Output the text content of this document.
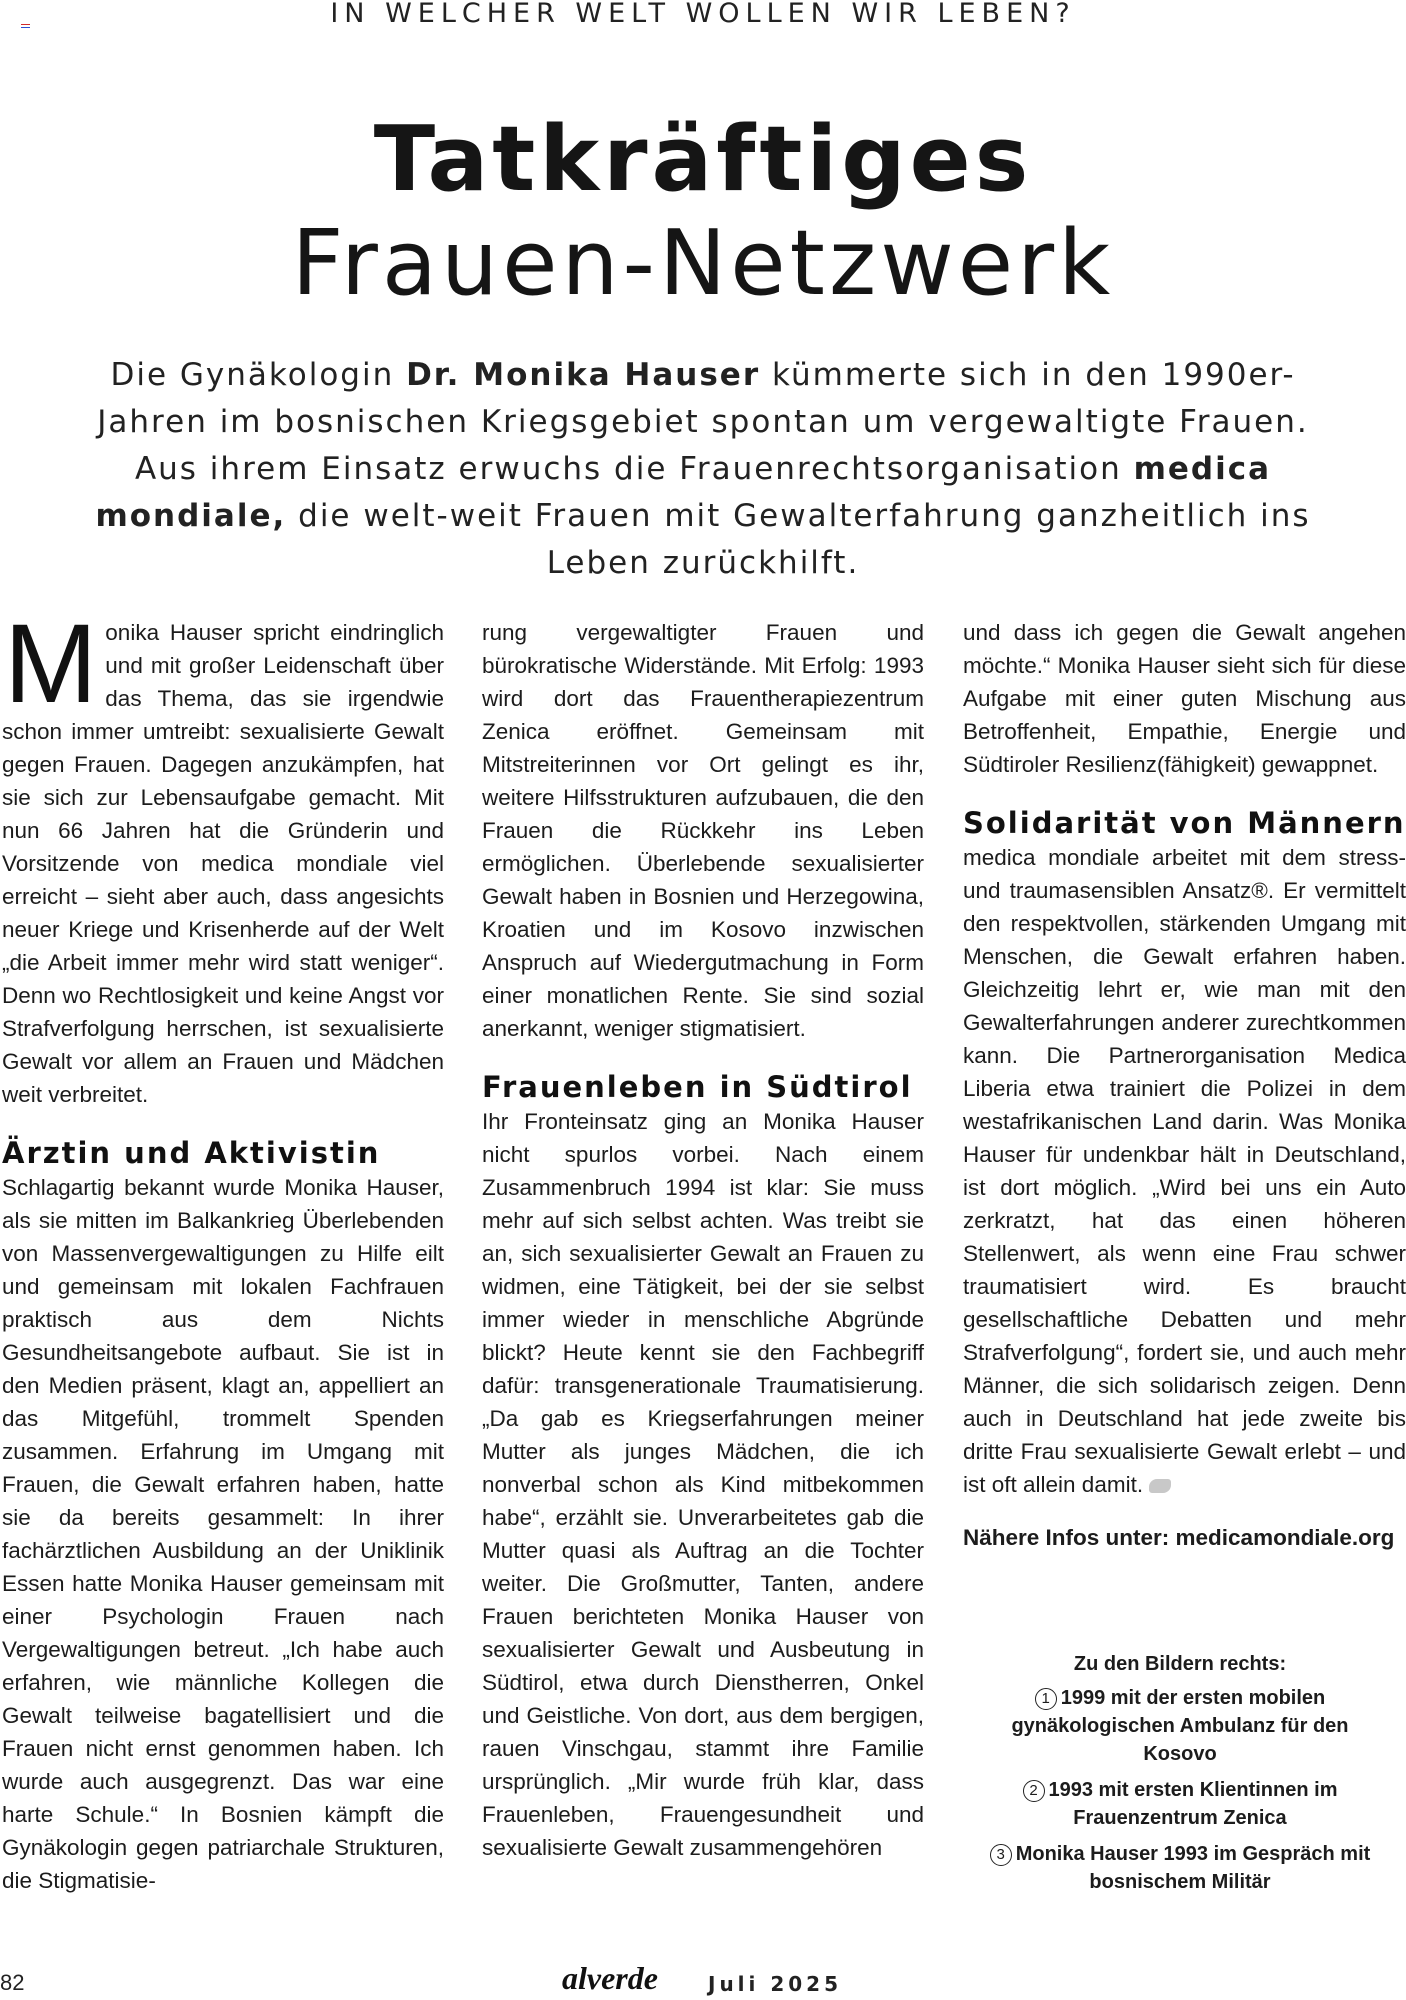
IN WELCHER WELT WOLLEN WIR LEBEN?
Tatkräftiges
Frauen-Netzwerk
Die Gynäkologin Dr. Monika Hauser kümmerte sich in den 1990er-Jahren im bosnischen Kriegsgebiet spontan um vergewaltigte Frauen. Aus ihrem Einsatz erwuchs die Frauenrechtsorganisation medica mondiale, die welt-weit Frauen mit Gewalterfahrung ganzheitlich ins Leben zurückhilft.

Monika Hauser spricht eindringlich und mit großer Leidenschaft über das Thema, das sie irgendwie schon immer umtreibt: sexualisierte Gewalt gegen Frauen. Dagegen anzukämpfen, hat sie sich zur Lebensaufgabe gemacht. Mit nun 66 Jahren hat die Gründerin und Vorsitzende von medica mondiale viel erreicht – sieht aber auch, dass angesichts neuer Kriege und Krisenherde auf der Welt „die Arbeit immer mehr wird statt weniger“. Denn wo Rechtlosigkeit und keine Angst vor Strafverfolgung herrschen, ist sexualisierte Gewalt vor allem an Frauen und Mädchen weit verbreitet.

Ärztin und Aktivistin

Schlagartig bekannt wurde Monika Hauser, als sie mitten im Balkankrieg Überlebenden von Massenvergewaltigungen zu Hilfe eilt und gemeinsam mit lokalen Fachfrauen praktisch aus dem Nichts Gesundheitsangebote aufbaut. Sie ist in den Medien präsent, klagt an, appelliert an das Mitgefühl, trommelt Spenden zusammen. Erfahrung im Umgang mit Frauen, die Gewalt erfahren haben, hatte sie da bereits gesammelt: In ihrer fachärztlichen Ausbildung an der Uniklinik Essen hatte Monika Hauser gemeinsam mit einer Psychologin Frauen nach Vergewaltigungen betreut. „Ich habe auch erfahren, wie männliche Kollegen die Gewalt teilweise bagatellisiert und die Frauen nicht ernst genommen haben. Ich wurde auch ausgegrenzt. Das war eine harte Schule.“ In Bosnien kämpft die Gynäkologin gegen patriarchale Strukturen, die Stigmatisie-

rung vergewaltigter Frauen und bürokratische Widerstände. Mit Erfolg: 1993 wird dort das Frauentherapiezentrum Zenica eröffnet. Gemeinsam mit Mitstreiterinnen vor Ort gelingt es ihr, weitere Hilfsstrukturen aufzubauen, die den Frauen die Rückkehr ins Leben ermöglichen. Überlebende sexualisierter Gewalt haben in Bosnien und Herzegowina, Kroatien und im Kosovo inzwischen Anspruch auf Wiedergutmachung in Form einer monatlichen Rente. Sie sind sozial anerkannt, weniger stigmatisiert.

Frauenleben in Südtirol

Ihr Fronteinsatz ging an Monika Hauser nicht spurlos vorbei. Nach einem Zusammenbruch 1994 ist klar: Sie muss mehr auf sich selbst achten. Was treibt sie an, sich sexualisierter Gewalt an Frauen zu widmen, eine Tätigkeit, bei der sie selbst immer wieder in menschliche Abgründe blickt? Heute kennt sie den Fachbegriff dafür: transgenerationale Traumatisierung. „Da gab es Kriegserfahrungen meiner Mutter als junges Mädchen, die ich nonverbal schon als Kind mitbekommen habe“, erzählt sie. Unverarbeitetes gab die Mutter quasi als Auftrag an die Tochter weiter. Die Großmutter, Tanten, andere Frauen berichteten Monika Hauser von sexualisierter Gewalt und Ausbeutung in Südtirol, etwa durch Dienstherren, Onkel und Geistliche. Von dort, aus dem bergigen, rauen Vinschgau, stammt ihre Familie ursprünglich. „Mir wurde früh klar, dass Frauenleben, Frauengesundheit und sexualisierte Gewalt zusammengehören

und dass ich gegen die Gewalt angehen möchte.“ Monika Hauser sieht sich für diese Aufgabe mit einer guten Mischung aus Betroffenheit, Empathie, Energie und Südtiroler Resilienz(fähigkeit) gewappnet.

Solidarität von Männern

medica mondiale arbeitet mit dem stress- und traumasensiblen Ansatz®. Er vermittelt den respektvollen, stärkenden Umgang mit Menschen, die Gewalt erfahren haben. Gleichzeitig lehrt er, wie man mit den Gewalterfahrungen anderer zurechtkommen kann. Die Partnerorganisation Medica Liberia etwa trainiert die Polizei in dem westafrikanischen Land darin. Was Monika Hauser für undenkbar hält in Deutschland, ist dort möglich. „Wird bei uns ein Auto zerkratzt, hat das einen höheren Stellenwert, als wenn eine Frau schwer traumatisiert wird. Es braucht gesellschaftliche Debatten und mehr Strafverfolgung“, fordert sie, und auch mehr Männer, die sich solidarisch zeigen. Denn auch in Deutschland hat jede zweite bis dritte Frau sexualisierte Gewalt erlebt – und ist oft allein damit.

Nähere Infos unter: medicamondiale.org

Zu den Bildern rechts:
1 1999 mit der ersten mobilen gynäkologischen Ambulanz für den Kosovo
2 1993 mit ersten Klientinnen im Frauenzentrum Zenica
3 Monika Hauser 1993 im Gespräch mit bosnischem Militär
82	alverde	Juli 2025
